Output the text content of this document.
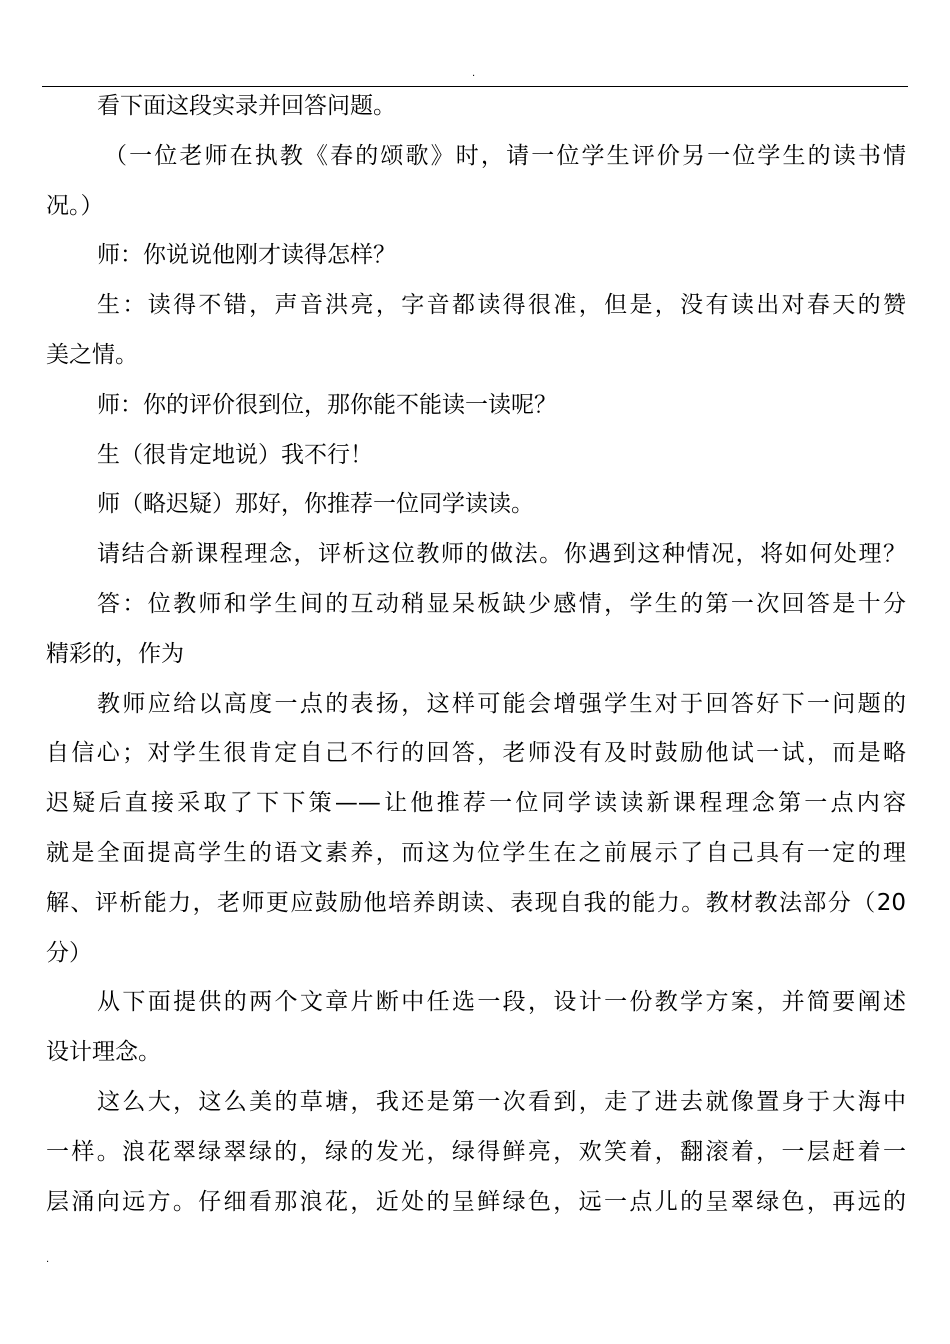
.
看下面这段实录并回答问题。
（一位老师在执教《春的颂歌》时，请一位学生评价另一位学生的读书情
况。）
师：你说说他刚才读得怎样？
生：读得不错，声音洪亮，字音都读得很准，但是，没有读出对春天的赞
美之情。
师：你的评价很到位，那你能不能读一读呢？
生（很肯定地说）我不行！
师（略迟疑）那好，你推荐一位同学读读。
请结合新课程理念，评析这位教师的做法。你遇到这种情况，将如何处理？
答：位教师和学生间的互动稍显呆板缺少感情，学生的第一次回答是十分
精彩的，作为
教师应给以高度一点的表扬，这样可能会增强学生对于回答好下一问题的
自信心；对学生很肯定自己不行的回答，老师没有及时鼓励他试一试，而是略
迟疑后直接采取了下下策——让他推荐一位同学读读新课程理念第一点内容
就是全面提高学生的语文素养，而这为位学生在之前展示了自己具有一定的理
解、评析能力，老师更应鼓励他培养朗读、表现自我的能力。教材教法部分（20
分）
从下面提供的两个文章片断中任选一段，设计一份教学方案，并简要阐述
设计理念。
这么大，这么美的草塘，我还是第一次看到，走了进去就像置身于大海中
一样。浪花翠绿翠绿的，绿的发光，绿得鲜亮，欢笑着，翻滚着，一层赶着一
层涌向远方。仔细看那浪花，近处的呈鲜绿色，远一点儿的呈翠绿色，再远的
.
